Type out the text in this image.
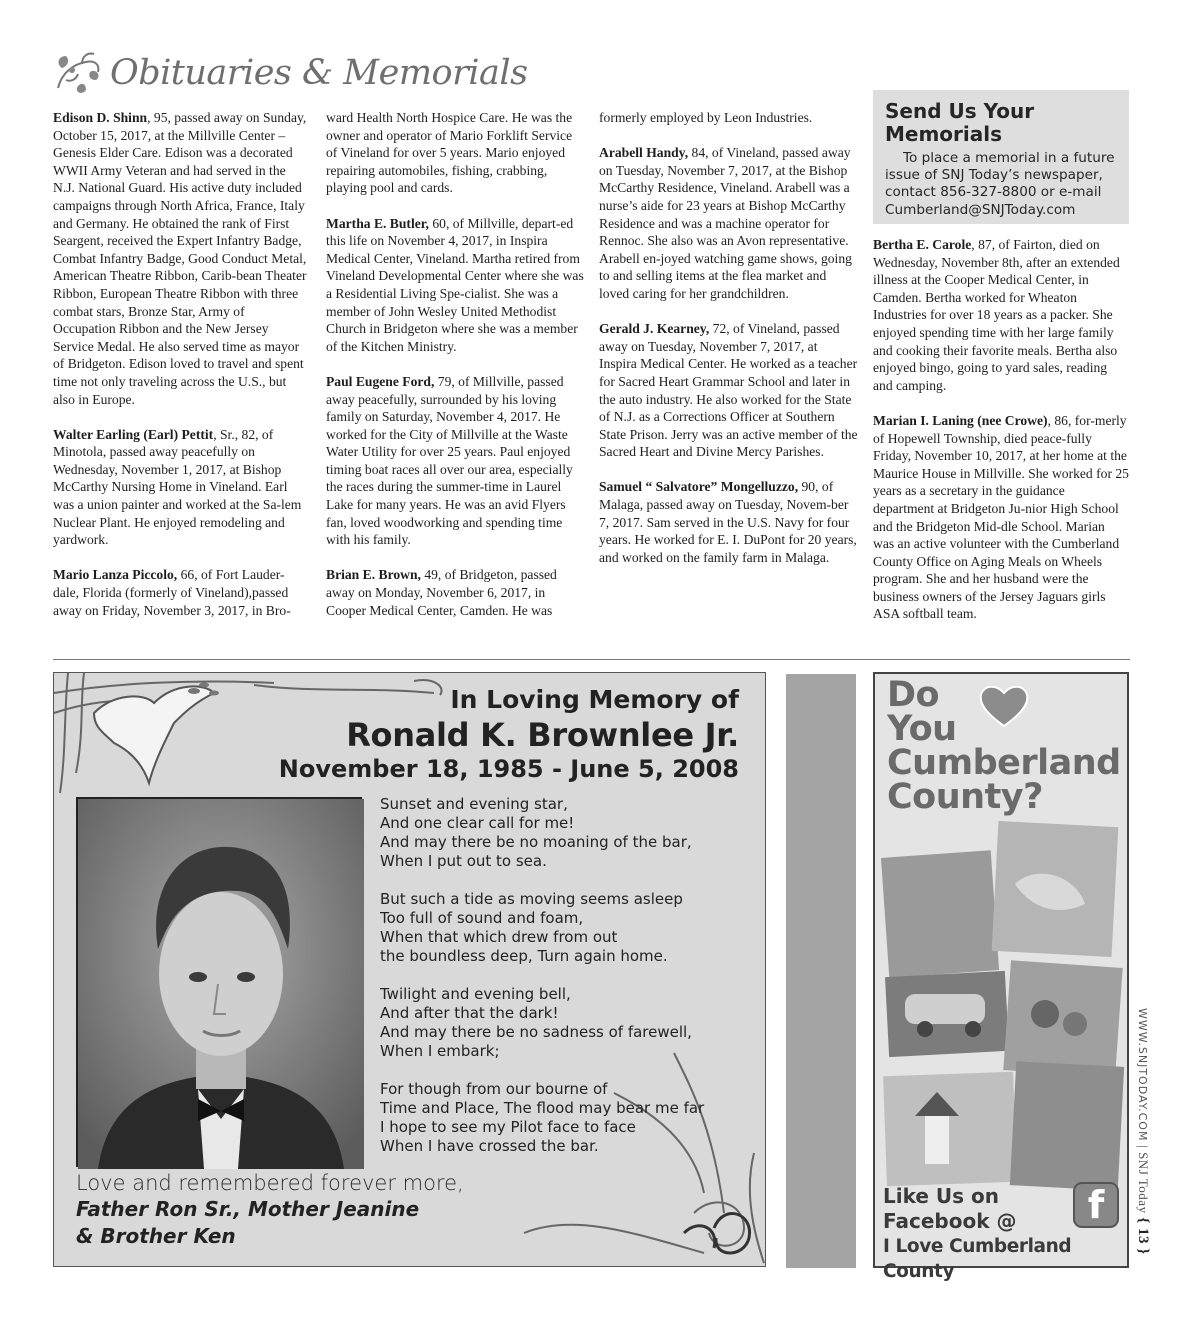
Obituaries & Memorials

Edison D. Shinn, 95, passed away on Sunday, October 15, 2017, at the Millville Center – Genesis Elder Care. Edison was a decorated WWII Army Veteran and had served in the N.J. National Guard. His active duty included campaigns through North Africa, France, Italy and Germany. He obtained the rank of First Seargent, received the Expert Infantry Badge, Combat Infantry Badge, Good Conduct Metal, American Theatre Ribbon, Carib-bean Theater Ribbon, European Theatre Ribbon with three combat stars, Bronze Star, Army of Occupation Ribbon and the New Jersey Service Medal. He also served time as mayor of Bridgeton. Edison loved to travel and spent time not only traveling across the U.S., but also in Europe.

Walter Earling (Earl) Pettit, Sr., 82, of Minotola, passed away peacefully on Wednesday, November 1, 2017, at Bishop McCarthy Nursing Home in Vineland. Earl was a union painter and worked at the Sa-lem Nuclear Plant. He enjoyed remodeling and yardwork.

Mario Lanza Piccolo, 66, of Fort Lauder-dale, Florida (formerly of Vineland),passed away on Friday, November 3, 2017, in Bro-

ward Health North Hospice Care. He was the owner and operator of Mario Forklift Service of Vineland for over 5 years. Mario enjoyed repairing automobiles, fishing, crabbing, playing pool and cards.

Martha E. Butler, 60, of Millville, depart-ed this life on November 4, 2017, in Inspira Medical Center, Vineland. Martha retired from Vineland Developmental Center where she was a Residential Living Spe-cialist. She was a member of John Wesley United Methodist Church in Bridgeton where she was a member of the Kitchen Ministry.

Paul Eugene Ford, 79, of Millville, passed away peacefully, surrounded by his loving family on Saturday, November 4, 2017. He worked for the City of Millville at the Waste Water Utility for over 25 years. Paul enjoyed timing boat races all over our area, especially the races during the summer-time in Laurel Lake for many years. He was an avid Flyers fan, loved woodworking and spending time with his family.

Brian E. Brown, 49, of Bridgeton, passed away on Monday, November 6, 2017, in Cooper Medical Center, Camden. He was

formerly employed by Leon Industries.

Arabell Handy, 84, of Vineland, passed away on Tuesday, November 7, 2017, at the Bishop McCarthy Residence, Vineland. Arabell was a nurse’s aide for 23 years at Bishop McCarthy Residence and was a machine operator for Rennoc. She also was an Avon representative. Arabell en-joyed watching game shows, going to and selling items at the flea market and loved caring for her grandchildren.

Gerald J. Kearney, 72, of Vineland, passed away on Tuesday, November 7, 2017, at Inspira Medical Center. He worked as a teacher for Sacred Heart Grammar School and later in the auto industry. He also worked for the State of N.J. as a Corrections Officer at Southern State Prison. Jerry was an active member of the Sacred Heart and Divine Mercy Parishes.

Samuel “ Salvatore” Mongelluzzo, 90, of Malaga, passed away on Tuesday, Novem-ber 7, 2017. Sam served in the U.S. Navy for four years. He worked for E. I. DuPont for 20 years, and worked on the family farm in Malaga.

Send Us Your
Memorials
To place a memorial in a future issue of SNJ Today’s newspaper, contact 856-327-8800 or e-mail Cumberland@SNJToday.com

Bertha E. Carole, 87, of Fairton, died on Wednesday, November 8th, after an extended illness at the Cooper Medical Center, in Camden. Bertha worked for Wheaton Industries for over 18 years as a packer. She enjoyed spending time with her large family and cooking their favorite meals. Bertha also enjoyed bingo, going to yard sales, reading and camping.

Marian I. Laning (nee Crowe), 86, for-merly of Hopewell Township, died peace-fully Friday, November 10, 2017, at her home at the Maurice House in Millville. She worked for 25 years as a secretary in the guidance department at Bridgeton Ju-nior High School and the Bridgeton Mid-dle School. Marian was an active volunteer with the Cumberland County Office on Aging Meals on Wheels program. She and her husband were the business owners of the Jersey Jaguars girls ASA softball team.

In Loving Memory of
Ronald K. Brownlee Jr.
November 18, 1985 - June 5, 2008
Sunset and evening star,
And one clear call for me!
And may there be no moaning of the bar,
When I put out to sea.
But such a tide as moving seems asleep
Too full of sound and foam,
When that which drew from out
the boundless deep, Turn again home.
Twilight and evening bell,
And after that the dark!
And may there be no sadness of farewell,
When I embark;
For though from our bourne of
Time and Place, The flood may bear me far
I hope to see my Pilot face to face
When I have crossed the bar.
Love and remembered forever more,
Father Ron Sr., Mother Jeanine
& Brother Ken
Do
You
Cumberland
County?
Like Us on
Facebook @
I Love Cumberland County
f
WWW.SNJTODAY.COM | SNJ Today { 13 }
